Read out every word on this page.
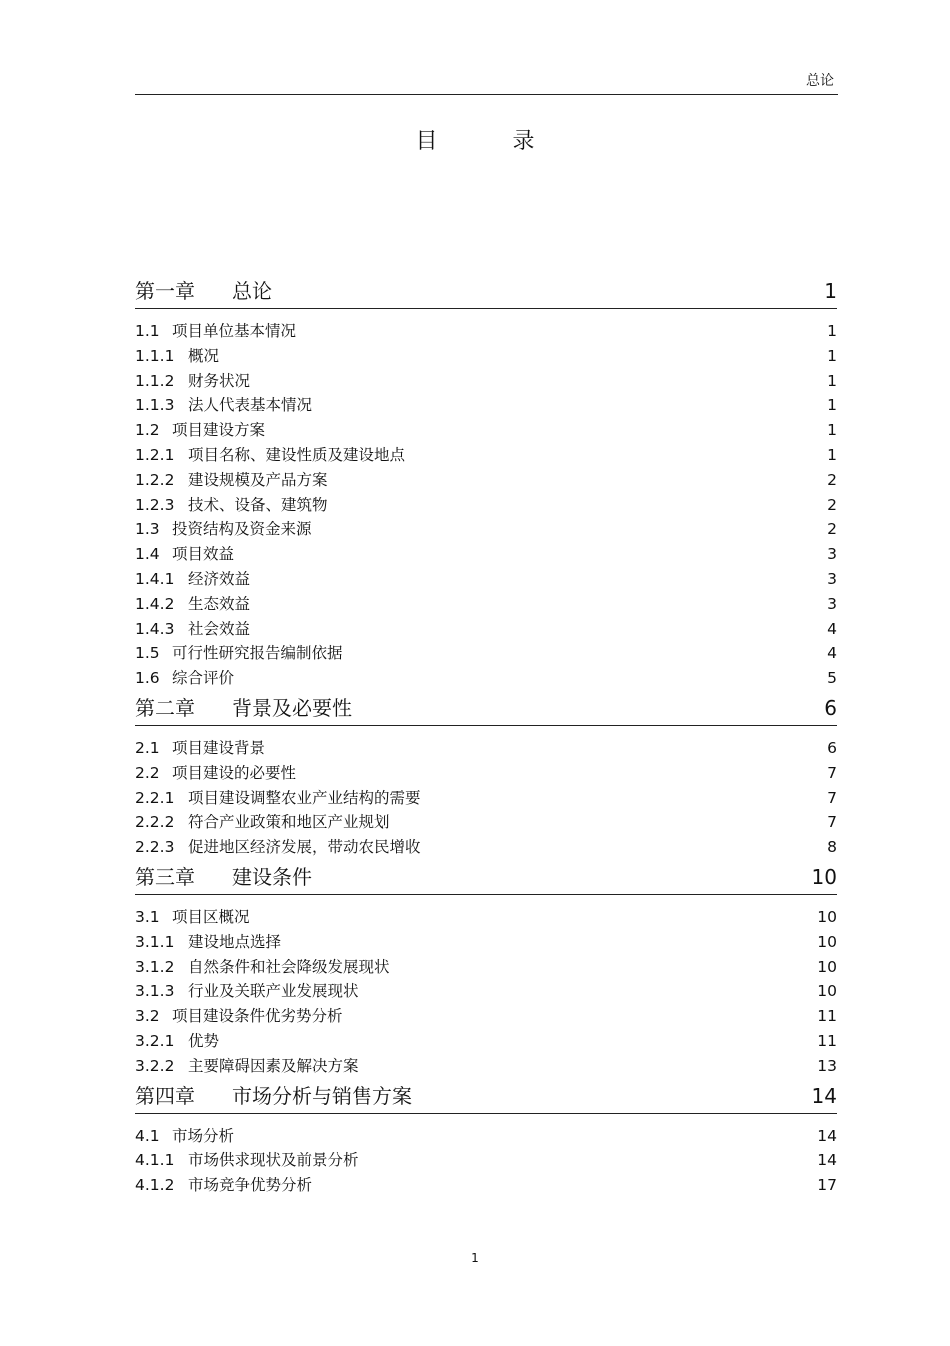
总论
目 录
第一章 总论	1
1.1 项目单位基本情况	1
1.1.1 概况	1
1.1.2 财务状况	1
1.1.3 法人代表基本情况	1
1.2 项目建设方案	1
1.2.1 项目名称、建设性质及建设地点	1
1.2.2 建设规模及产品方案	2
1.2.3 技术、设备、建筑物	2
1.3 投资结构及资金来源	2
1.4 项目效益	3
1.4.1 经济效益	3
1.4.2 生态效益	3
1.4.3 社会效益	4
1.5 可行性研究报告编制依据	4
1.6 综合评价	5
第二章 背景及必要性	6
2.1 项目建设背景	6
2.2 项目建设的必要性	7
2.2.1 项目建设调整农业产业结构的需要	7
2.2.2 符合产业政策和地区产业规划	7
2.2.3 促进地区经济发展，带动农民增收	8
第三章 建设条件	10
3.1 项目区概况	10
3.1.1 建设地点选择	10
3.1.2 自然条件和社会降级发展现状	10
3.1.3 行业及关联产业发展现状	10
3.2 项目建设条件优劣势分析	11
3.2.1 优势	11
3.2.2 主要障碍因素及解决方案	13
第四章 市场分析与销售方案	14
4.1 市场分析	14
4.1.1 市场供求现状及前景分析	14
4.1.2 市场竞争优势分析	17
1
